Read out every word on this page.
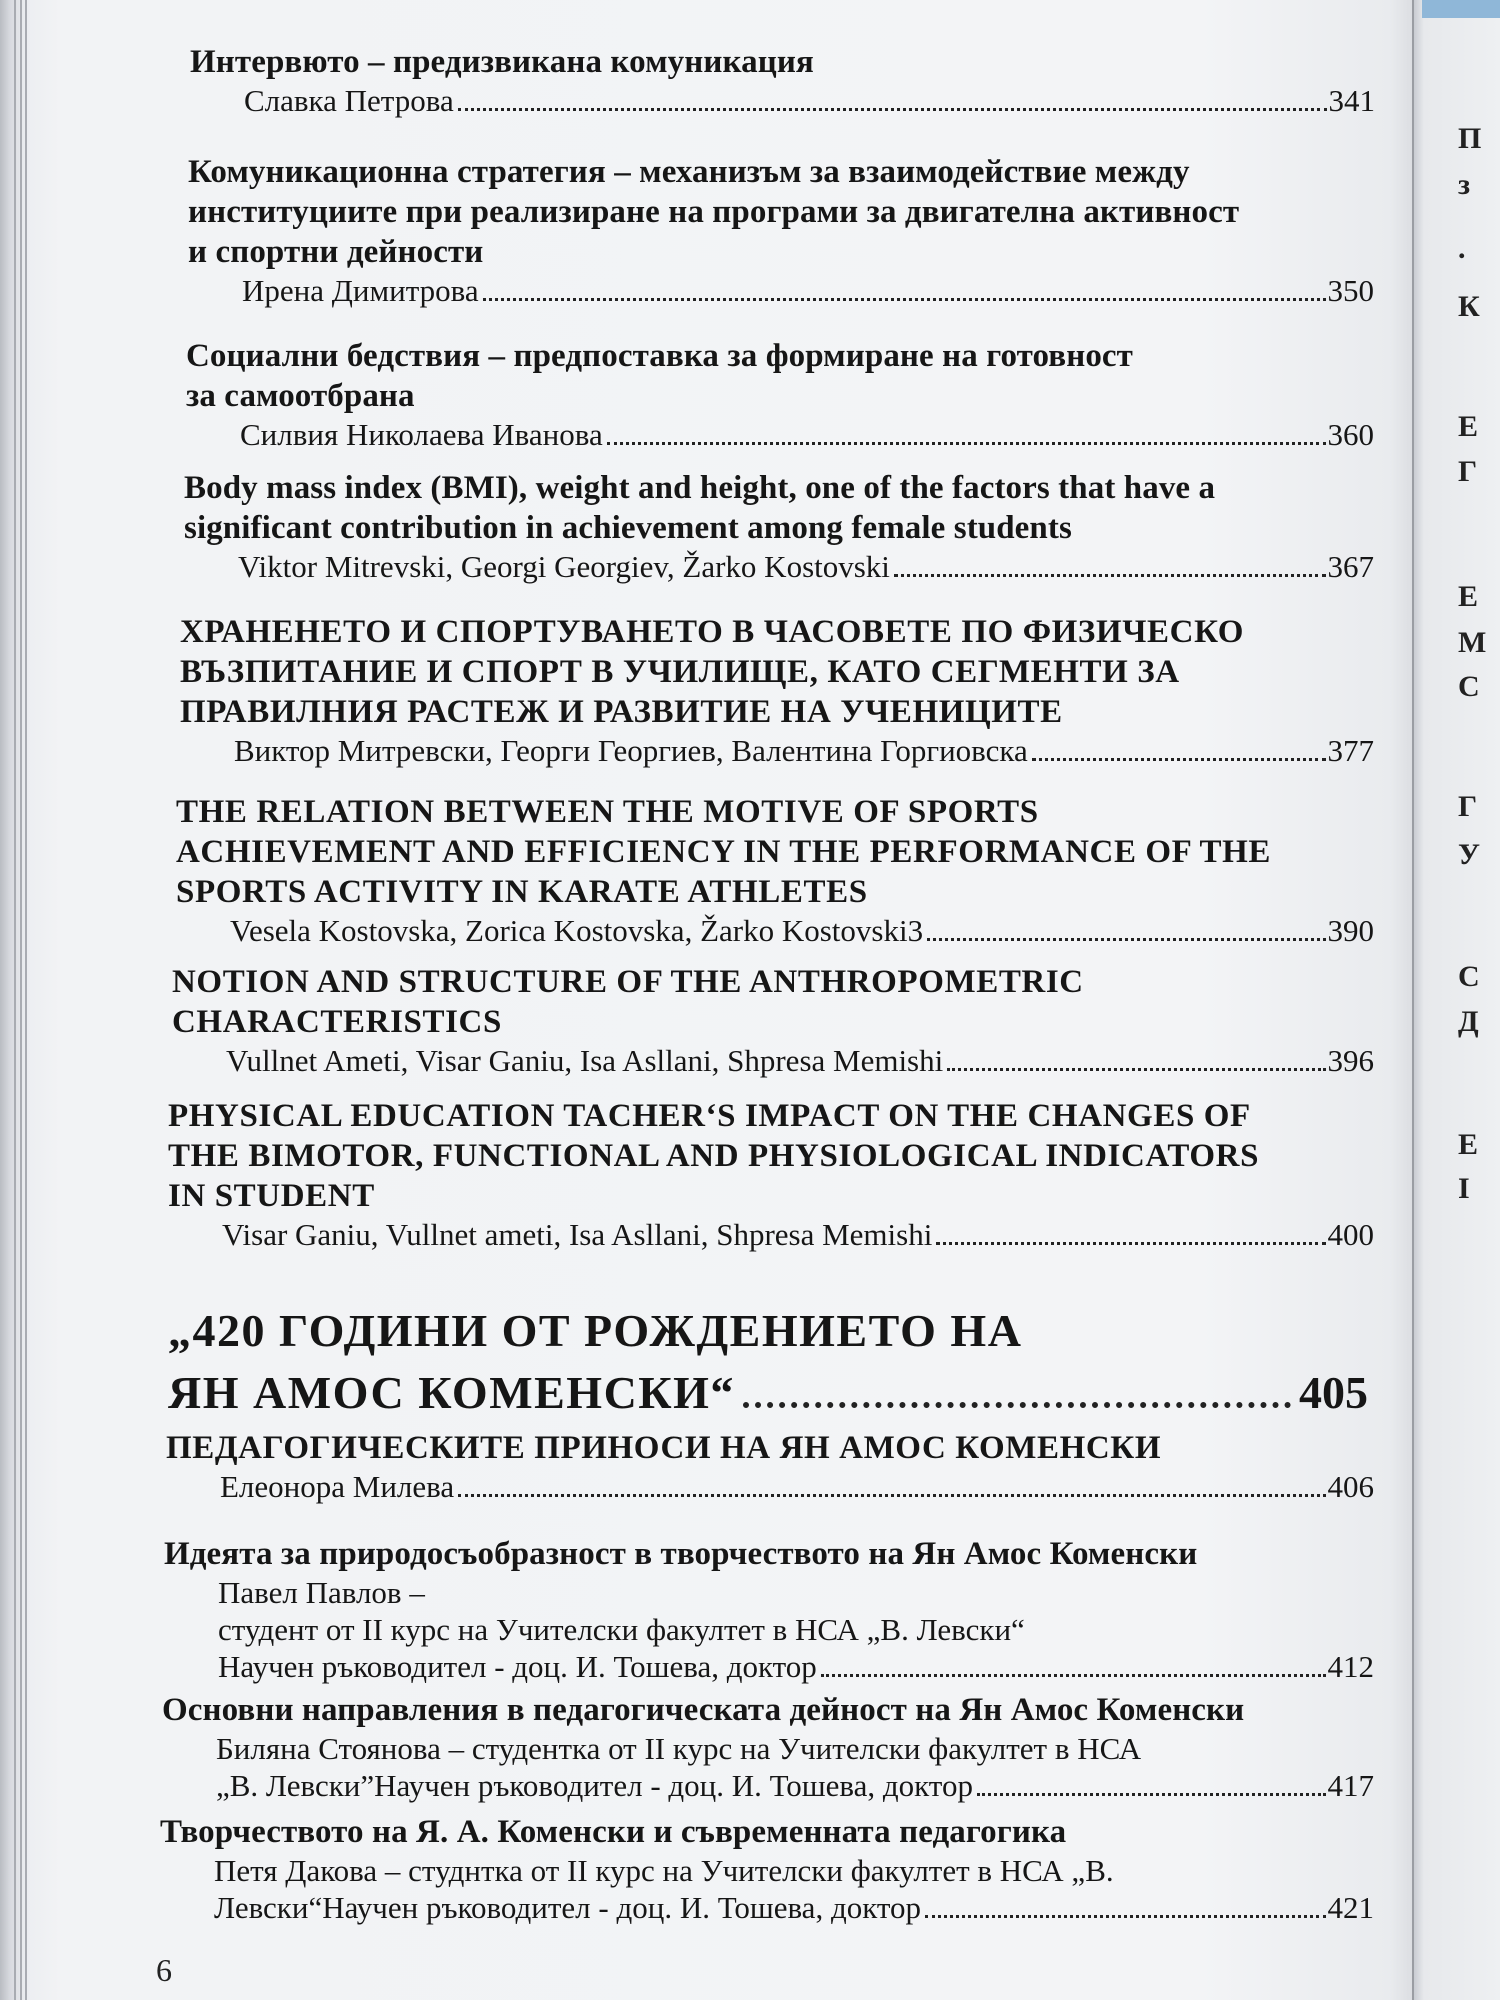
Интервюто – предизвикана комуникация
Славка Петрова	341
Комуникационна стратегия – механизъм за взаимодействие между
институциите при реализиране на програми за двигателна активност
и спортни дейности
Ирена Димитрова	350
Социални бедствия – предпоставка за формиране на готовност
за самоотбрана
Силвия Николаева Иванова	360
Body mass index (BMI), weight and height, one of the factors that have a
significant contribution in achievement among female students
Viktor Mitrevski, Georgi Georgiev, Žarko Kostovski	367
ХРАНЕНЕТО И СПОРТУВАНЕТО В ЧАСОВЕТЕ ПО ФИЗИЧЕСКО
ВЪЗПИТАНИЕ И СПОРТ В УЧИЛИЩЕ, КАТО СЕГМЕНТИ ЗА
ПРАВИЛНИЯ РАСТЕЖ И РАЗВИТИЕ НА УЧЕНИЦИТЕ
Виктор Митревски, Георги Георгиев, Валентина Горгиовска	377
THE RELATION BETWEEN THE MOTIVE OF SPORTS
ACHIEVEMENT AND EFFICIENCY IN THE PERFORMANCE OF THE
SPORTS ACTIVITY IN KARATE ATHLETES
Vesela Kostovska, Zorica Kostovska, Žarko Kostovski3	390
NOTION AND STRUCTURE OF THE ANTHROPOMETRIC
CHARACTERISTICS
Vullnet Ameti, Visar Ganiu, Isa Asllani, Shpresa Memishi	396
PHYSICAL EDUCATION TACHER‘S IMPACT ON THE CHANGES OF
THE BIMOTOR, FUNCTIONAL AND PHYSIOLOGICAL INDICATORS
IN STUDENT
Visar Ganiu, Vullnet ameti, Isa Asllani, Shpresa Memishi	400
„420 ГОДИНИ ОТ РОЖДЕНИЕТО НА
ЯН АМОС КОМЕНСКИ“	405
ПЕДАГОГИЧЕСКИТЕ ПРИНОСИ НА ЯН АМОС КОМЕНСКИ
Елеонора Милева	406
Идеята за природосъобразност в творчеството на Ян Амос Коменски
Павел Павлов –
студент от II курс на Учителски факултет в НСА „В. Левски“
Научен ръководител - доц. И. Тошева, доктор	412
Основни направления в педагогическата дейност на Ян Амос Коменски
Биляна Стоянова – студентка от II курс на Учителски факултет в НСА
„В. Левски”Научен ръководител - доц. И. Тошева, доктор	417
Творчеството на Я. А. Коменски и съвременната педагогика
Петя Дакова – студнтка от II курс на Учителски факултет в НСА „В.
Левски“Научен ръководител - доц. И. Тошева, доктор	421
6
П
з
.
К
Е
Г
Е
М
С
Г
У
С
Д
Е
І
